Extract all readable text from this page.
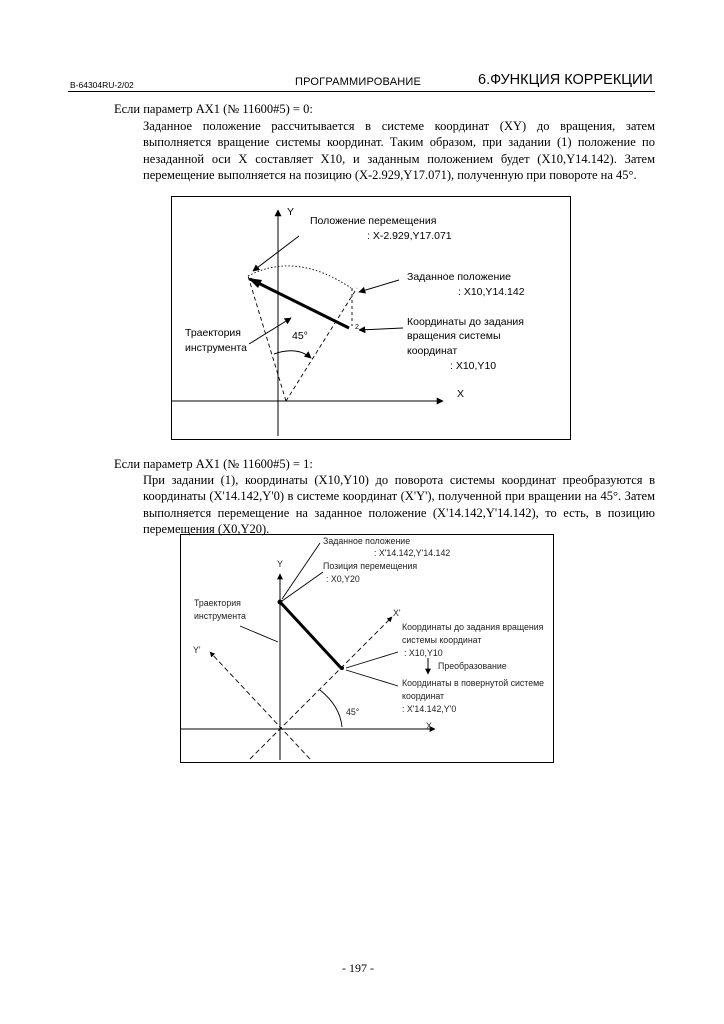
B-64304RU-2/02	ПРОГРАММИРОВАНИЕ	6.ФУНКЦИЯ КОРРЕКЦИИ
Если параметр AX1 (№ 11600#5) = 0:
Заданное положение рассчитывается в системе координат (XY) до вращения, затем выполняется вращение системы координат. Таким образом, при задании (1) положение по незаданной оси X составляет X10, и заданным положением будет (X10,Y14.142). Затем перемещение выполняется на позицию (X-2.929,Y17.071), полученную при повороте на 45°.
2
Y
X
Положение перемещения
: X-2.929,Y17.071
Заданное положение
: X10,Y14.142
Координаты до задания
вращения системы
координат
: X10,Y10
Траектория
инструмента
45°
Если параметр AX1 (№ 11600#5) = 1:
При задании (1), координаты (X10,Y10) до поворота системы координат преобразуются в координаты (X'14.142,Y'0) в системе координат (X'Y'), полученной при вращении на 45°. Затем выполняется перемещение на заданное положение (X'14.142,Y'14.142), то есть, в позицию перемещения (X0,Y20).
Заданное положение
: X'14.142,Y'14.142
Позиция перемещения
: X0,Y20
Y
Y'
X
X'
Траектория
инструмента
Координаты до задания вращения
системы координат
: X10,Y10
Преобразование
Координаты в повернутой системе
координат
: X'14.142,Y'0
45°
- 197 -
